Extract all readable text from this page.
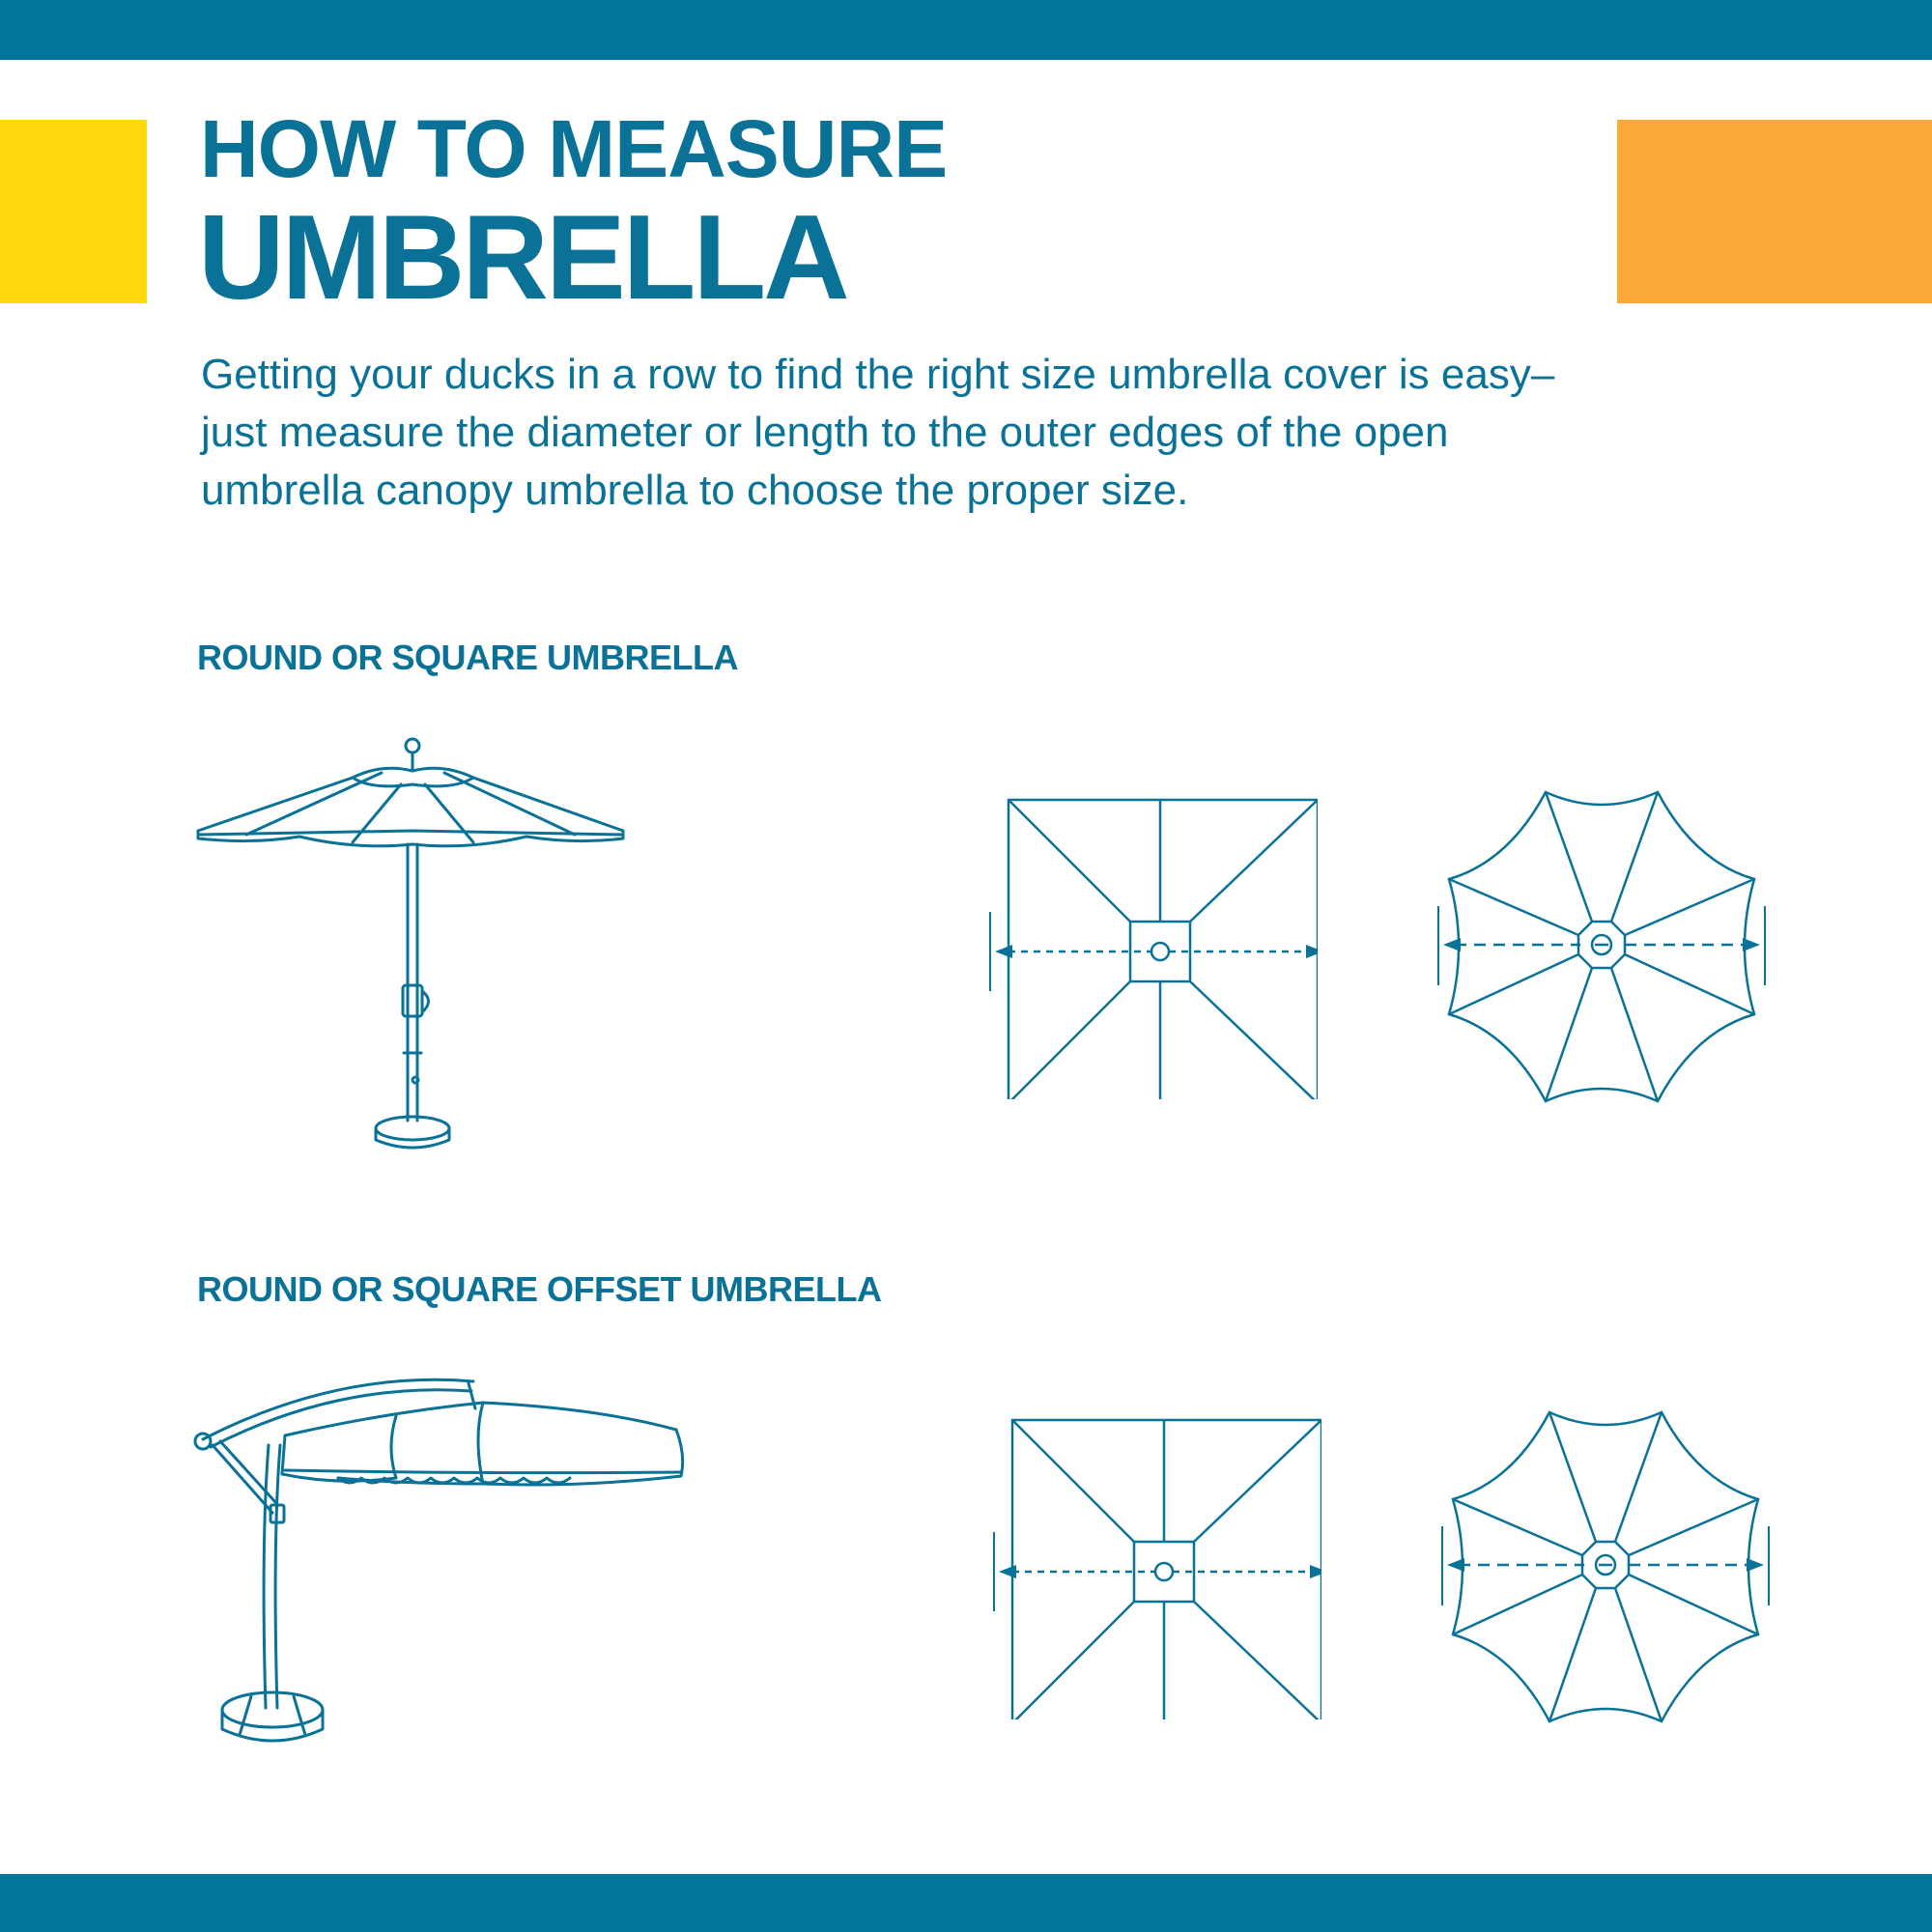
HOW TO MEASURE
UMBRELLA
Getting your ducks in a row to find the right size umbrella cover is easy–
just measure the diameter or length to the outer edges of the open
umbrella canopy umbrella to choose the proper size.
ROUND OR SQUARE UMBRELLA
ROUND OR SQUARE OFFSET UMBRELLA
